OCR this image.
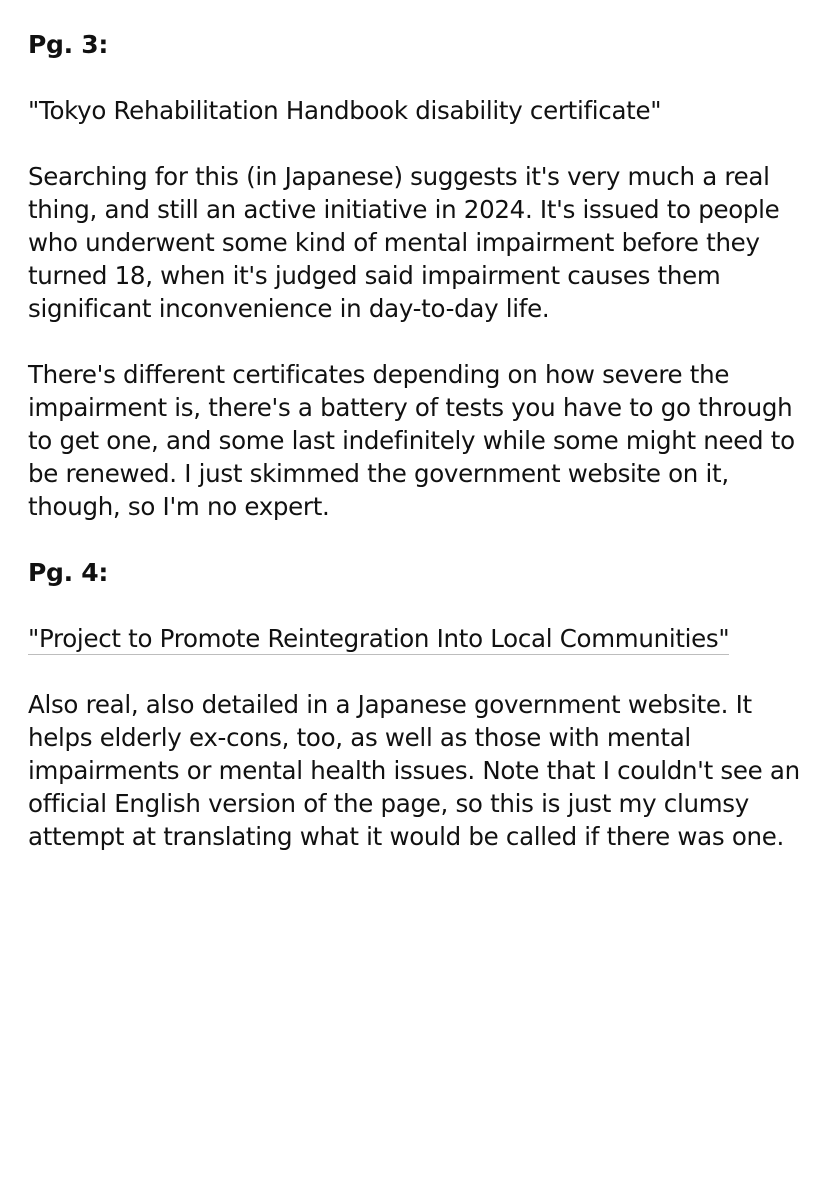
Pg. 3:
"Tokyo Rehabilitation Handbook disability certificate"

Searching for this (in Japanese) suggests it's very much a real thing, and still an active initiative in 2024. It's issued to people who underwent some kind of mental impairment before they turned 18, when it's judged said impairment causes them significant inconvenience in day-to-day life.

There's different certificates depending on how severe the impairment is, there's a battery of tests you have to go through to get one, and some last indefinitely while some might need to be renewed. I just skimmed the government website on it, though, so I'm no expert.

Pg. 4:
"Project to Promote Reintegration Into Local Communities"

Also real, also detailed in a Japanese government website. It helps elderly ex-cons, too, as well as those with mental impairments or mental health issues. Note that I couldn't see an official English version of the page, so this is just my clumsy attempt at translating what it would be called if there was one.
